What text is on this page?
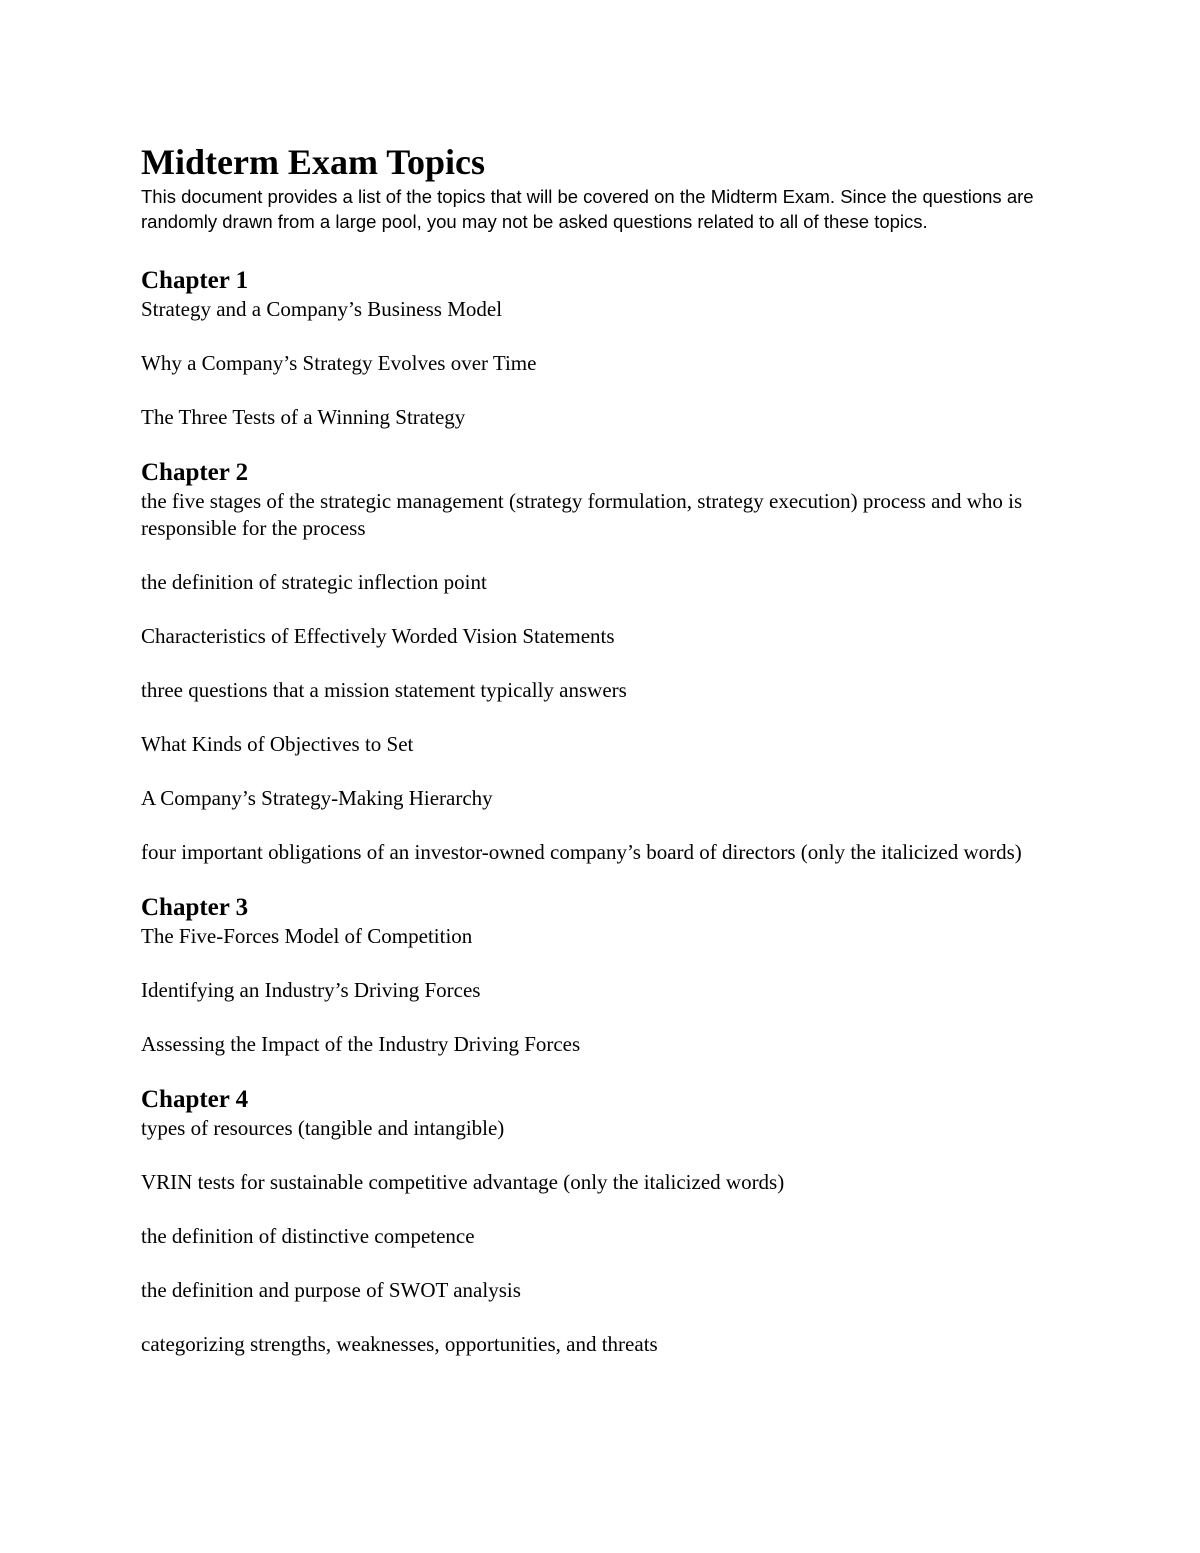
Midterm Exam Topics

This document provides a list of the topics that will be covered on the Midterm Exam. Since the questions are randomly drawn from a large pool, you may not be asked questions related to all of these topics.

Chapter 1
Strategy and a Company’s Business Model
Why a Company’s Strategy Evolves over Time
The Three Tests of a Winning Strategy
Chapter 2
the five stages of the strategic management (strategy formulation, strategy execution) process and who is responsible for the process
the definition of strategic inflection point
Characteristics of Effectively Worded Vision Statements
three questions that a mission statement typically answers
What Kinds of Objectives to Set
A Company’s Strategy-Making Hierarchy
four important obligations of an investor-owned company’s board of directors (only the italicized words)
Chapter 3
The Five-Forces Model of Competition
Identifying an Industry’s Driving Forces
Assessing the Impact of the Industry Driving Forces
Chapter 4
types of resources (tangible and intangible)
VRIN tests for sustainable competitive advantage (only the italicized words)
the definition of distinctive competence
the definition and purpose of SWOT analysis
categorizing strengths, weaknesses, opportunities, and threats
